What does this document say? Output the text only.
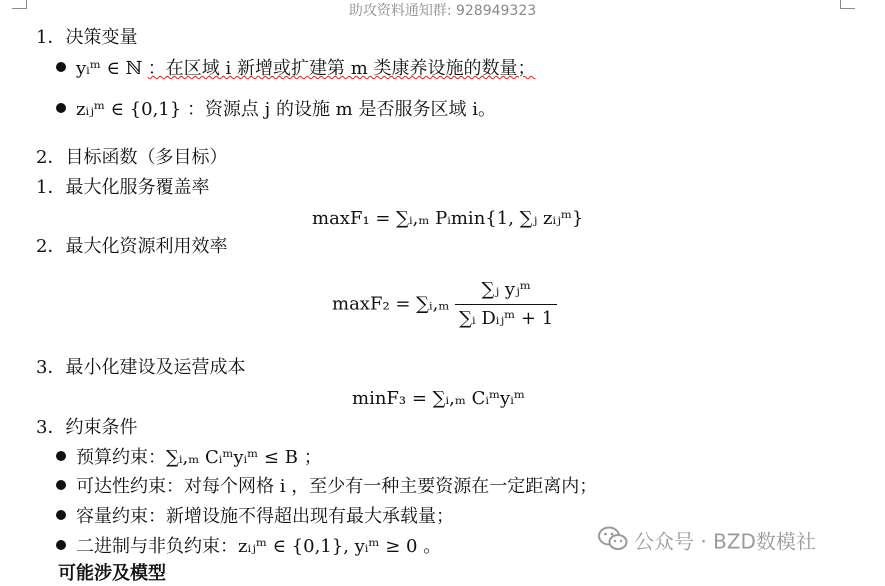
助攻资料通知群: 928949323
1．决策变量
yᵢᵐ ∈ ℕ ：在区域 i 新增或扩建第 m 类康养设施的数量；
zᵢⱼᵐ ∈ {0,1} ：资源点 j 的设施 m 是否服务区域 i。
2．目标函数（多目标）
1．最大化服务覆盖率
maxF₁ = ∑ᵢ,ₘ Pᵢmin{1, ∑ⱼ zᵢⱼᵐ}
2．最大化资源利用效率
maxF₂ = ∑ᵢ,ₘ $\frac{\text{∑ⱼ yⱼᵐ}}{\text{∑ᵢ Dᵢⱼᵐ + 1}}$
3．最小化建设及运营成本
minF₃ = ∑ᵢ,ₘ Cᵢᵐyᵢᵐ
3．约束条件
预算约束：∑ᵢ,ₘ Cᵢᵐyᵢᵐ ≤ B ；
可达性约束：对每个网格 i ，至少有一种主要资源在一定距离内；
容量约束：新增设施不得超出现有最大承载量；
二进制与非负约束：zᵢⱼᵐ ∈ {0,1}, yᵢᵐ ≥ 0 。
可能涉及模型
公众号 · BZD数模社
